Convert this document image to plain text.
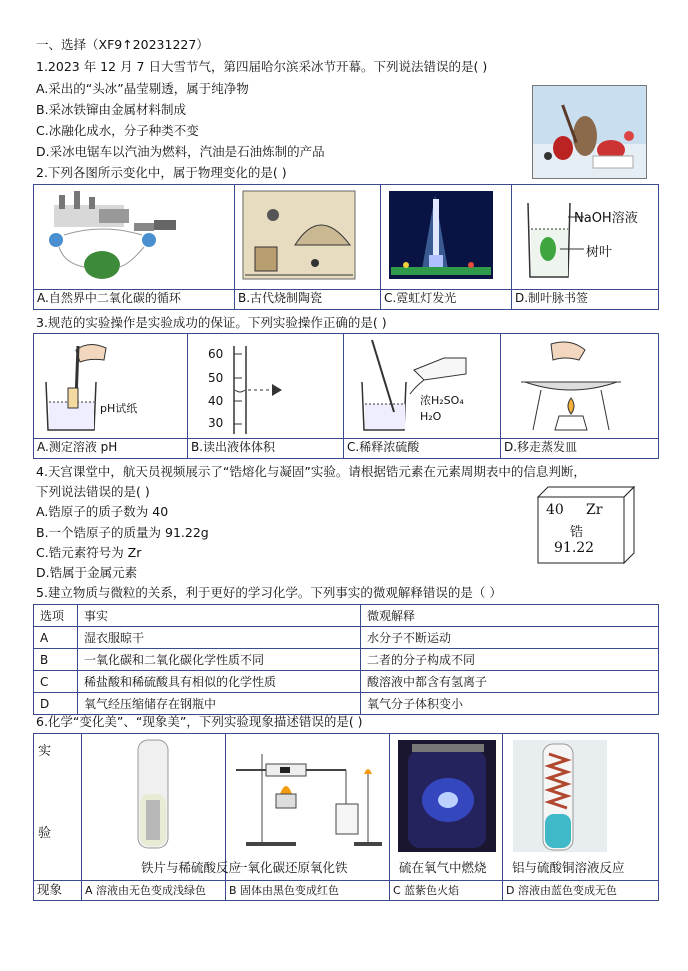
一、选择（XF9↑20231227）
1.2023 年 12 月 7 日大雪节气，第四届哈尔滨采冰节开幕。下列说法错误的是( )
A.采出的“头冰”晶莹剔透，属于纯净物
B.采冰铁镩由金属材料制成
C.冰融化成水，分子种类不变
D.采冰电锯车以汽油为燃料，汽油是石油炼制的产品
2.下列各图所示变化中，属于物理变化的是( )

NaOH溶液
树叶

A.自然界中二氧化碳的循环	B.古代烧制陶瓷	C.霓虹灯发光	D.制叶脉书签
3.规范的实验操作是实验成功的保证。下列实验操作正确的是( )
pH试纸	60
50
40
30	浓H₂SO₄
H₂O

A.测定溶液 pH	B.读出液体体积	C.稀释浓硫酸	D.移走蒸发皿
4.天宫课堂中，航天员视频展示了“锆熔化与凝固”实验。请根据锆元素在元素周期表中的信息判断，
下列说法错误的是( )
A.锆原子的质子数为 40
B.一个锆原子的质量为 91.22g
C.锆元素符号为 Zr
D.锆属于金属元素
40 Zr
锆
91.22
5.建立物质与微粒的关系，利于更好的学习化学。下列事实的微观解释错误的是（ ）
选项	事实	微观解释
A	湿衣服晾干	水分子不断运动
B	一氧化碳和二氧化碳化学性质不同	二者的分子构成不同
C	稀盐酸和稀硫酸具有相似的化学性质	酸溶液中都含有氢离子
D	氧气经压缩储存在钢瓶中	氧气分子体积变小
6.化学“变化美”、“现象美”，下列实验现象描述错误的是( )
实
验	铁片与稀硫酸反应	一氧化碳还原氧化铁	硫在氧气中燃烧	铝与硫酸铜溶液反应

现象	A 溶液由无色变成浅绿色	B 固体由黑色变成红色	C 蓝紫色火焰	D 溶液由蓝色变成无色
